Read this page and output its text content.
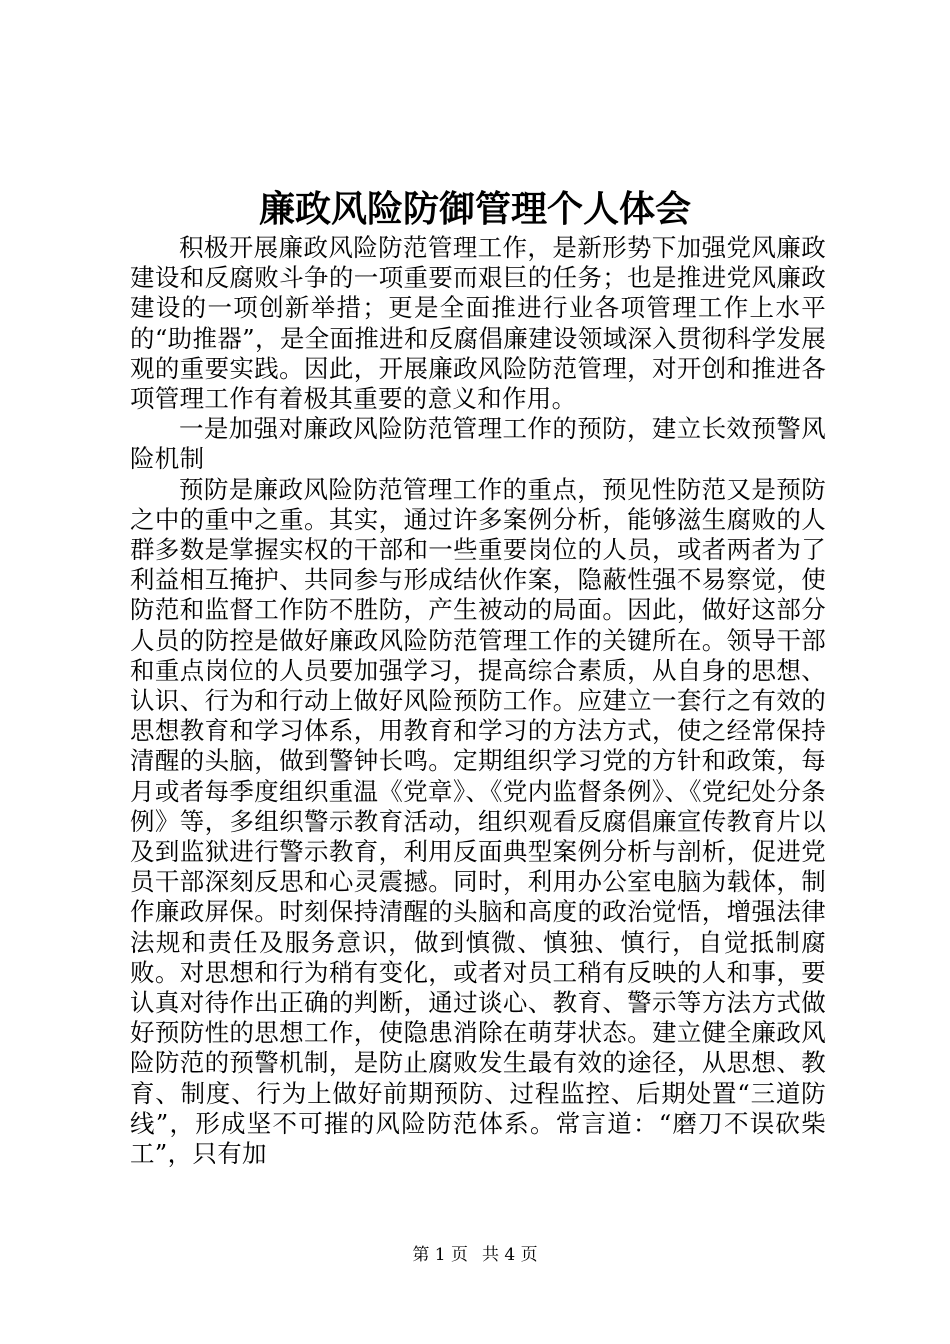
廉政风险防御管理个人体会

积极开展廉政风险防范管理工作，是新形势下加强党风廉政建设和反腐败斗争的一项重要而艰巨的任务；也是推进党风廉政建设的一项创新举措；更是全面推进行业各项管理工作上水平的“助推器”，是全面推进和反腐倡廉建设领域深入贯彻科学发展观的重要实践。因此，开展廉政风险防范管理，对开创和推进各项管理工作有着极其重要的意义和作用。

一是加强对廉政风险防范管理工作的预防，建立长效预警风险机制

预防是廉政风险防范管理工作的重点，预见性防范又是预防之中的重中之重。其实，通过许多案例分析，能够滋生腐败的人群多数是掌握实权的干部和一些重要岗位的人员，或者两者为了利益相互掩护、共同参与形成结伙作案，隐蔽性强不易察觉，使防范和监督工作防不胜防，产生被动的局面。因此，做好这部分人员的防控是做好廉政风险防范管理工作的关键所在。领导干部和重点岗位的人员要加强学习，提高综合素质，从自身的思想、认识、行为和行动上做好风险预防工作。应建立一套行之有效的思想教育和学习体系，用教育和学习的方法方式，使之经常保持清醒的头脑，做到警钟长鸣。定期组织学习党的方针和政策，每月或者每季度组织重温《党章》、《党内监督条例》、《党纪处分条例》等，多组织警示教育活动，组织观看反腐倡廉宣传教育片以及到监狱进行警示教育，利用反面典型案例分析与剖析，促进党员干部深刻反思和心灵震撼。同时，利用办公室电脑为载体，制作廉政屏保。时刻保持清醒的头脑和高度的政治觉悟，增强法律法规和责任及服务意识，做到慎微、慎独、慎行，自觉抵制腐败。对思想和行为稍有变化，或者对员工稍有反映的人和事，要认真对待作出正确的判断，通过谈心、教育、警示等方法方式做好预防性的思想工作，使隐患消除在萌芽状态。建立健全廉政风险防范的预警机制，是防止腐败发生最有效的途径，从思想、教育、制度、行为上做好前期预防、过程监控、后期处置“三道防线”，形成坚不可摧的风险防范体系。常言道：“磨刀不误砍柴工”，只有加

第 1 页 共 4 页
